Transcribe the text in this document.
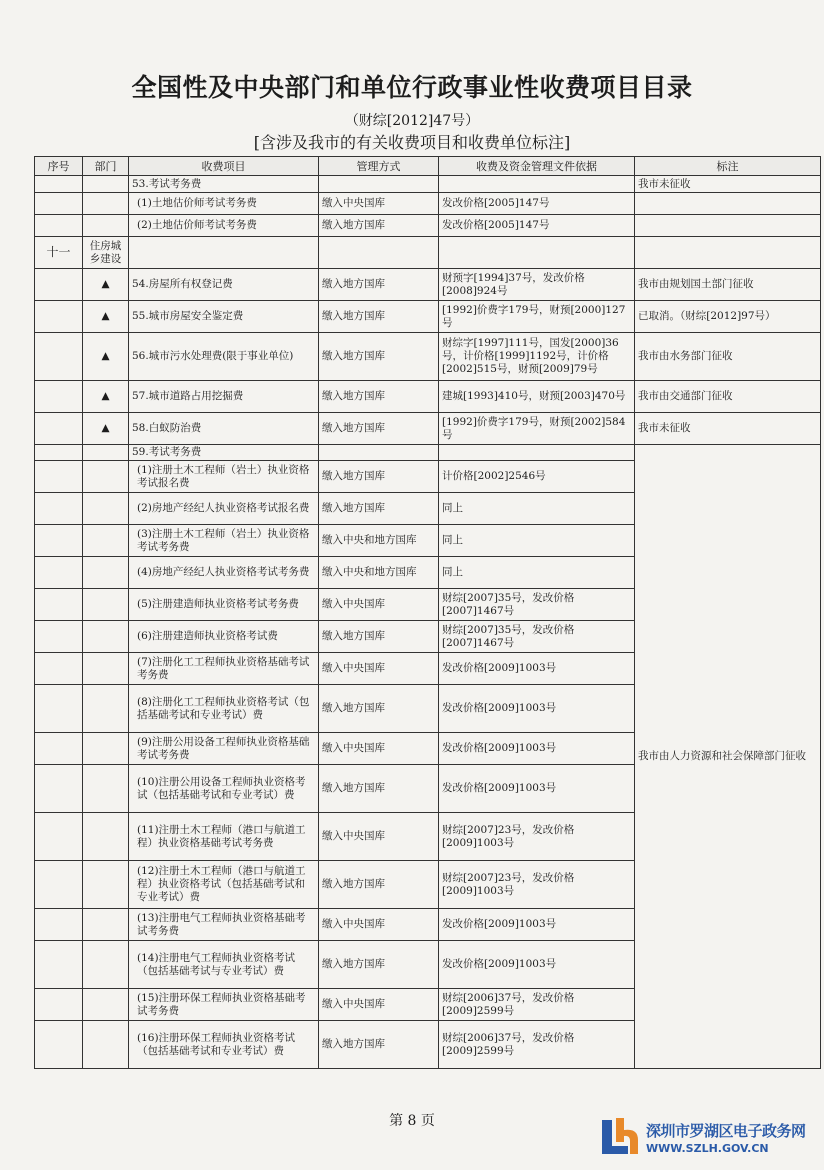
全国性及中央部门和单位行政事业性收费项目目录
（财综[2012]47号）
[含涉及我市的有关收费项目和收费单位标注]
序号	部门	收费项目	管理方式	收费及资金管理文件依据	标注
		53.考试考务费			我市未征收
		(1)土地估价师考试考务费	缴入中央国库	发改价格[2005]147号	
		(2)土地估价师考试考务费	缴入地方国库	发改价格[2005]147号	
十一	住房城乡建设				
	▲	54.房屋所有权登记费	缴入地方国库	财预字[1994]37号，发改价格[2008]924号	我市由规划国土部门征收
	▲	55.城市房屋安全鉴定费	缴入地方国库	[1992]价费字179号，财预[2000]127号	已取消。（财综[2012]97号）
	▲	56.城市污水处理费(限于事业单位)	缴入地方国库	财综字[1997]111号，国发[2000]36号，计价格[1999]1192号，计价格[2002]515号，财预[2009]79号	我市由水务部门征收
	▲	57.城市道路占用挖掘费	缴入地方国库	建城[1993]410号，财预[2003]470号	我市由交通部门征收
	▲	58.白蚁防治费	缴入地方国库	[1992]价费字179号，财预[2002]584号	我市未征收
		59.考试考务费			我市由人力资源和社会保障部门征收
		(1)注册土木工程师（岩土）执业资格考试报名费	缴入地方国库	计价格[2002]2546号	
		(2)房地产经纪人执业资格考试报名费	缴入地方国库	同上	
		(3)注册土木工程师（岩土）执业资格考试考务费	缴入中央和地方国库	同上	
		(4)房地产经纪人执业资格考试考务费	缴入中央和地方国库	同上	
		(5)注册建造师执业资格考试考务费	缴入中央国库	财综[2007]35号，发改价格[2007]1467号	
		(6)注册建造师执业资格考试费	缴入地方国库	财综[2007]35号，发改价格[2007]1467号	
		(7)注册化工工程师执业资格基础考试考务费	缴入中央国库	发改价格[2009]1003号	
		(8)注册化工工程师执业资格考试（包括基础考试和专业考试）费	缴入地方国库	发改价格[2009]1003号	
		(9)注册公用设备工程师执业资格基础考试考务费	缴入中央国库	发改价格[2009]1003号	
		(10)注册公用设备工程师执业资格考试（包括基础考试和专业考试）费	缴入地方国库	发改价格[2009]1003号	
		(11)注册土木工程师（港口与航道工程）执业资格基础考试考务费	缴入中央国库	财综[2007]23号，发改价格[2009]1003号	
		(12)注册土木工程师（港口与航道工程）执业资格考试（包括基础考试和专业考试）费	缴入地方国库	财综[2007]23号，发改价格[2009]1003号	
		(13)注册电气工程师执业资格基础考试考务费	缴入中央国库	发改价格[2009]1003号	
		(14)注册电气工程师执业资格考试（包括基础考试与专业考试）费	缴入地方国库	发改价格[2009]1003号	
		(15)注册环保工程师执业资格基础考试考务费	缴入中央国库	财综[2006]37号，发改价格[2009]2599号	
		(16)注册环保工程师执业资格考试（包括基础考试和专业考试）费	缴入地方国库	财综[2006]37号，发改价格[2009]2599号	
第 8 页
深圳市罗湖区电子政务网
WWW.SZLH.GOV.CN
